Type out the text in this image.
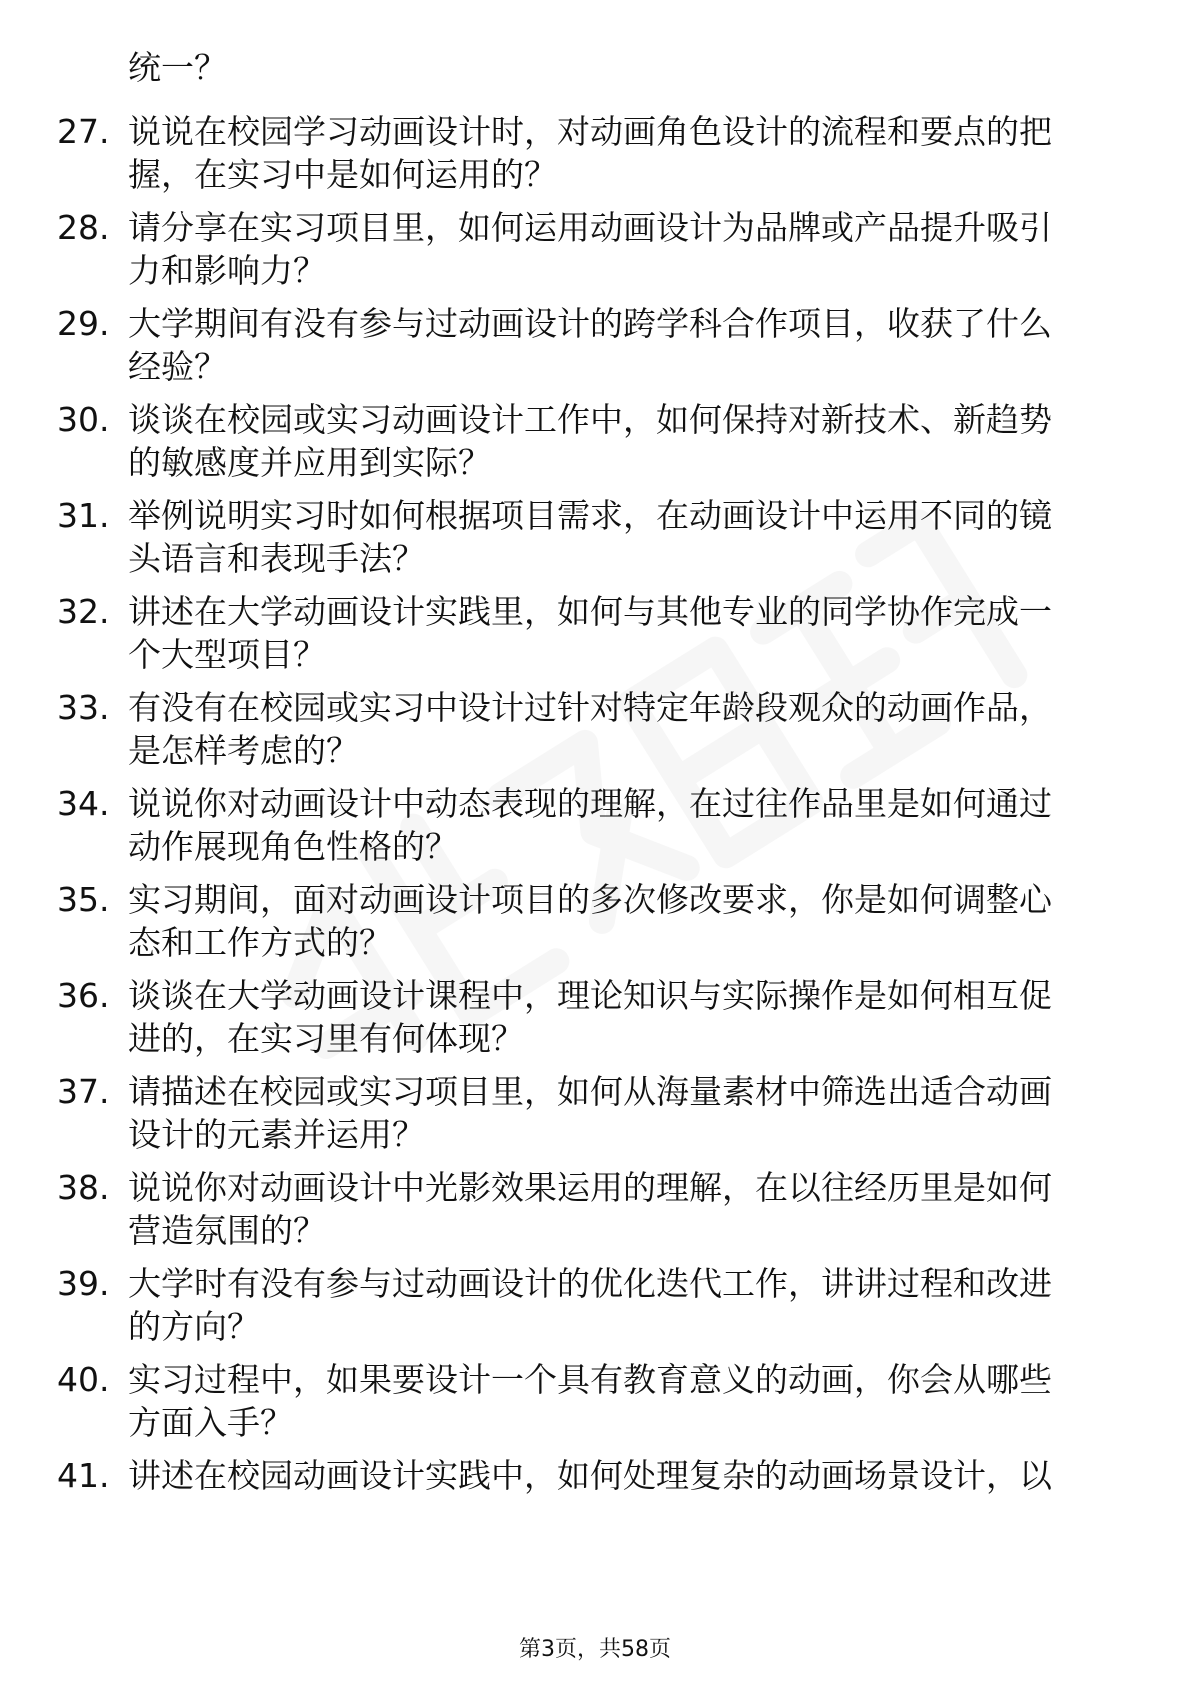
统一？
27. 说说在校园学习动画设计时，对动画角色设计的流程和要点的把
握，在实习中是如何运用的？
28. 请分享在实习项目里，如何运用动画设计为品牌或产品提升吸引
力和影响力？
29. 大学期间有没有参与过动画设计的跨学科合作项目，收获了什么
经验？
30. 谈谈在校园或实习动画设计工作中，如何保持对新技术、新趋势
的敏感度并应用到实际？
31. 举例说明实习时如何根据项目需求，在动画设计中运用不同的镜
头语言和表现手法？
32. 讲述在大学动画设计实践里，如何与其他专业的同学协作完成一
个大型项目？
33. 有没有在校园或实习中设计过针对特定年龄段观众的动画作品，
是怎样考虑的？
34. 说说你对动画设计中动态表现的理解，在过往作品里是如何通过
动作展现角色性格的？
35. 实习期间，面对动画设计项目的多次修改要求，你是如何调整心
态和工作方式的？
36. 谈谈在大学动画设计课程中，理论知识与实际操作是如何相互促
进的，在实习里有何体现？
37. 请描述在校园或实习项目里，如何从海量素材中筛选出适合动画
设计的元素并运用？
38. 说说你对动画设计中光影效果运用的理解，在以往经历里是如何
营造氛围的？
39. 大学时有没有参与过动画设计的优化迭代工作，讲讲过程和改进
的方向？
40. 实习过程中，如果要设计一个具有教育意义的动画，你会从哪些
方面入手？
41. 讲述在校园动画设计实践中，如何处理复杂的动画场景设计，以
第3页，共58页
